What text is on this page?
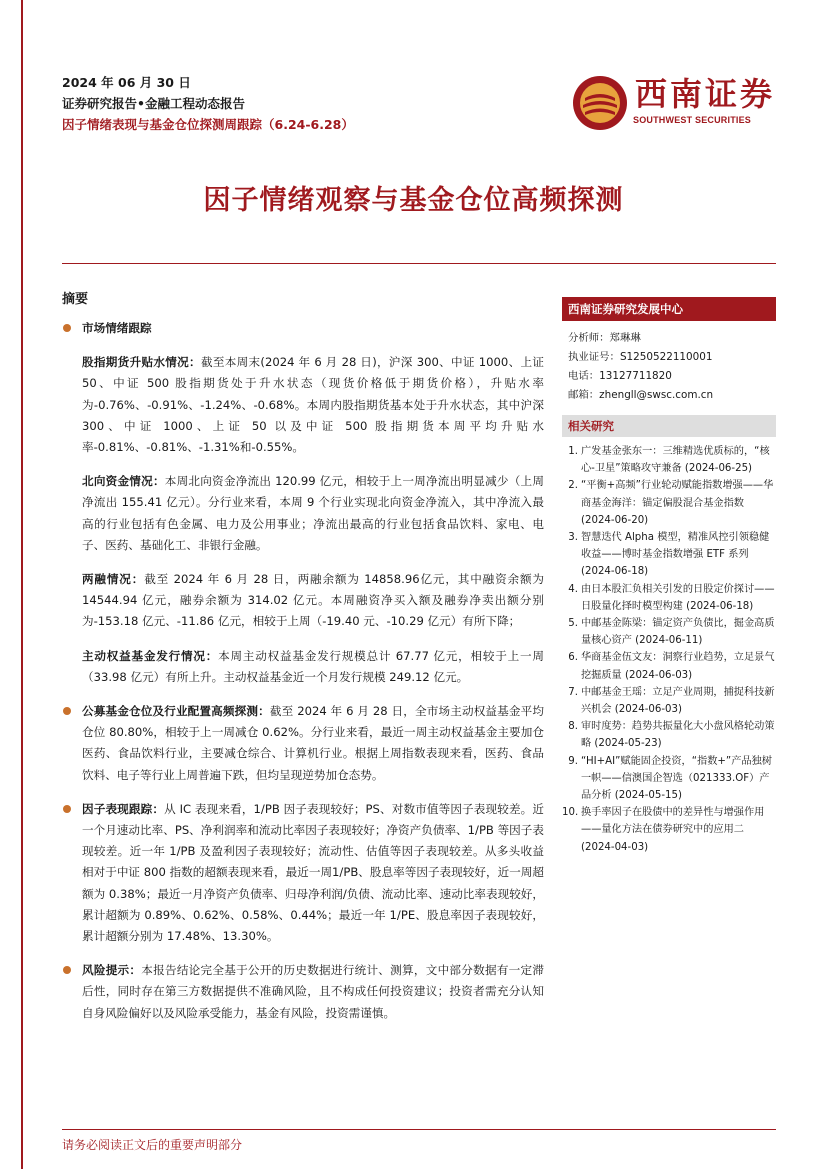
2024 年 06 月 30 日
证券研究报告•金融工程动态报告
因子情绪表现与基金仓位探测周跟踪（6.24-6.28）
西南证券
SOUTHWEST SECURITIES
因子情绪观察与基金仓位高频探测
摘要
市场情绪跟踪
股指期货升贴水情况：截至本周末(2024 年 6 月 28 日)，沪深 300、中证 1000、上证 50、中证 500 股指期货处于升水状态（现货价格低于期货价格），升贴水率为-0.76%、-0.91%、-1.24%、-0.68%。本周内股指期货基本处于升水状态，其中沪深 300、中证 1000、上证 50 以及中证 500 股指期货本周平均升贴水率-0.81%、-0.81%、-1.31%和-0.55%。
北向资金情况：本周北向资金净流出 120.99 亿元，相较于上一周净流出明显减少（上周净流出 155.41 亿元）。分行业来看，本周 9 个行业实现北向资金净流入，其中净流入最高的行业包括有色金属、电力及公用事业；净流出最高的行业包括食品饮料、家电、电子、医药、基础化工、非银行金融。
两融情况：截至 2024 年 6 月 28 日，两融余额为 14858.96亿元，其中融资余额为 14544.94 亿元，融券余额为 314.02 亿元。本周融资净买入额及融券净卖出额分别为-153.18 亿元、-11.86 亿元，相较于上周（-19.40 元、-10.29 亿元）有所下降；
主动权益基金发行情况：本周主动权益基金发行规模总计 67.77 亿元，相较于上一周（33.98 亿元）有所上升。主动权益基金近一个月发行规模 249.12 亿元。
公募基金仓位及行业配置高频探测：截至 2024 年 6 月 28 日，全市场主动权益基金平均仓位 80.80%，相较于上一周减仓 0.62%。分行业来看，最近一周主动权益基金主要加仓医药、食品饮料行业，主要减仓综合、计算机行业。根据上周指数表现来看，医药、食品饮料、电子等行业上周普遍下跌，但均呈现逆势加仓态势。
因子表现跟踪：从 IC 表现来看，1/PB 因子表现较好；PS、对数市值等因子表现较差。近一个月速动比率、PS、净利润率和流动比率因子表现较好；净资产负债率、1/PB 等因子表现较差。近一年 1/PB 及盈利因子表现较好；流动性、估值等因子表现较差。从多头收益相对于中证 800 指数的超额表现来看，最近一周1/PB、股息率等因子表现较好，近一周超额为 0.38%；最近一月净资产负债率、归母净利润/负债、流动比率、速动比率表现较好，累计超额为 0.89%、0.62%、0.58%、0.44%；最近一年 1/PE、股息率因子表现较好，累计超额分别为 17.48%、13.30%。
风险提示：本报告结论完全基于公开的历史数据进行统计、测算，文中部分数据有一定滞后性，同时存在第三方数据提供不准确风险，且不构成任何投资建议；投资者需充分认知自身风险偏好以及风险承受能力，基金有风险，投资需谨慎。
西南证券研究发展中心
分析师：郑琳琳
执业证号：S1250522110001
电话：13127711820
邮箱：zhengll@swsc.com.cn
相关研究
1. 广发基金张东一：三维精选优质标的，“核心-卫星”策略攻守兼备 (2024-06-25)
2. “平衡+高频”行业轮动赋能指数增强——华商基金海洋：锚定偏股混合基金指数 (2024-06-20)
3. 智慧迭代 Alpha 模型，精准风控引领稳健收益——博时基金指数增强 ETF 系列 (2024-06-18)
4. 由日本股汇负相关引发的日股定价探讨——日股量化择时模型构建 (2024-06-18)
5. 中邮基金陈梁：锚定资产负债比，掘金高质量核心资产 (2024-06-11)
6. 华商基金伍文友：洞察行业趋势，立足景气挖掘质量 (2024-06-03)
7. 中邮基金王瑶：立足产业周期，捕捉科技新兴机会 (2024-06-03)
8. 审时度势：趋势共振量化大小盘风格轮动策略 (2024-05-23)
9. “HI+AI”赋能固企投资，“指数+”产品独树一帜——信澳国企智选（021333.OF）产品分析 (2024-05-15)
10. 换手率因子在股债中的差异性与增强作用——量化方法在债券研究中的应用二 (2024-04-03)
请务必阅读正文后的重要声明部分
